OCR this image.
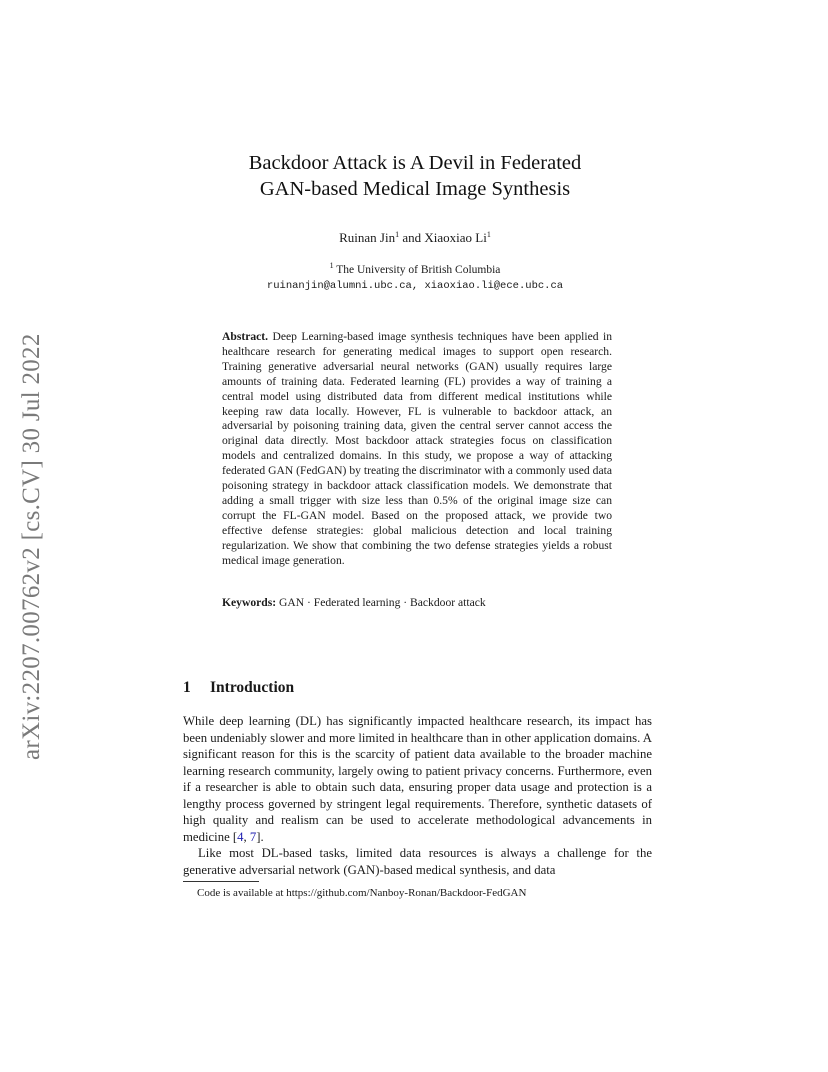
arXiv:2207.00762v2 [cs.CV] 30 Jul 2022
Backdoor Attack is A Devil in Federated
GAN-based Medical Image Synthesis
Ruinan Jin$^1$ and Xiaoxiao Li$^1$
$^1$ The University of British Columbia
ruinanjin@alumni.ubc.ca, xiaoxiao.li@ece.ubc.ca
Abstract. Deep Learning-based image synthesis techniques have been applied in healthcare research for generating medical images to support open research. Training generative adversarial neural networks (GAN) usually requires large amounts of training data. Federated learning (FL) provides a way of training a central model using distributed data from different medical institutions while keeping raw data locally. However, FL is vulnerable to backdoor attack, an adversarial by poisoning training data, given the central server cannot access the original data directly. Most backdoor attack strategies focus on classification models and centralized domains. In this study, we propose a way of attacking federated GAN (FedGAN) by treating the discriminator with a commonly used data poisoning strategy in backdoor attack classification models. We demonstrate that adding a small trigger with size less than 0.5% of the original image size can corrupt the FL-GAN model. Based on the proposed attack, we provide two effective defense strategies: global malicious detection and local training regularization. We show that combining the two defense strategies yields a robust medical image generation.
Keywords: GAN · Federated learning · Backdoor attack
1 Introduction

While deep learning (DL) has significantly impacted healthcare research, its impact has been undeniably slower and more limited in healthcare than in other application domains. A significant reason for this is the scarcity of patient data available to the broader machine learning research community, largely owing to patient privacy concerns. Furthermore, even if a researcher is able to obtain such data, ensuring proper data usage and protection is a lengthy process governed by stringent legal requirements. Therefore, synthetic datasets of high quality and realism can be used to accelerate methodological advancements in medicine [4, 7].

Like most DL-based tasks, limited data resources is always a challenge for the generative adversarial network (GAN)-based medical synthesis, and data

Code is available at https://github.com/Nanboy-Ronan/Backdoor-FedGAN
